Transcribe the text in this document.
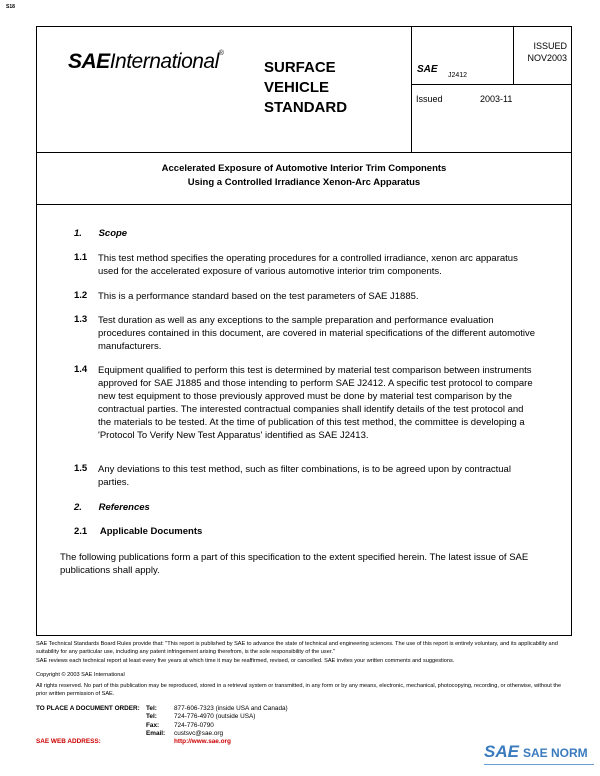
S18
SAEInternational®
SURFACE
VEHICLE
STANDARD
SAE
J2412
ISSUED
NOV2003
Issued	2003-11
Accelerated Exposure of Automotive Interior Trim Components
Using a Controlled Irradiance Xenon-Arc Apparatus
1. Scope
1.1 This test method specifies the operating procedures for a controlled irradiance, xenon arc apparatus used for the accelerated exposure of various automotive interior trim components.
1.2 This is a performance standard based on the test parameters of SAE J1885.
1.3 Test duration as well as any exceptions to the sample preparation and performance evaluation procedures contained in this document, are covered in material specifications of the different automotive manufacturers.
1.4 Equipment qualified to perform this test is determined by material test comparison between instruments approved for SAE J1885 and those intending to perform SAE J2412. A specific test protocol to compare new test equipment to those previously approved must be done by material test comparison by the contractual parties. The interested contractual companies shall identify details of the test protocol and the materials to be tested. At the time of publication of this test method, the committee is developing a 'Protocol To Verify New Test Apparatus' identified as SAE J2413.
1.5 Any deviations to this test method, such as filter combinations, is to be agreed upon by contractual parties.
2. References
2.1 Applicable Documents
The following publications form a part of this specification to the extent specified herein. The latest issue of SAE publications shall apply.
SAE Technical Standards Board Rules provide that: "This report is published by SAE to advance the state of technical and engineering sciences. The use of this report is entirely voluntary, and its applicability and suitability for any particular use, including any patent infringement arising therefrom, is the sole responsibility of the user."
SAE reviews each technical report at least every five years at which time it may be reaffirmed, revised, or cancelled. SAE invites your written comments and suggestions.
Copyright © 2003 SAE International
All rights reserved. No part of this publication may be reproduced, stored in a retrieval system or transmitted, in any form or by any means, electronic, mechanical, photocopying, recording, or otherwise, without the prior written permission of SAE.
TO PLACE A DOCUMENT ORDER: Tel:	877-606-7323 (inside USA and Canada)
Tel:	724-776-4970 (outside USA)
Fax:	724-776-0790
Email:	custsvc@sae.org
SAE WEB ADDRESS:	http://www.sae.org
SAE SAE NORM
